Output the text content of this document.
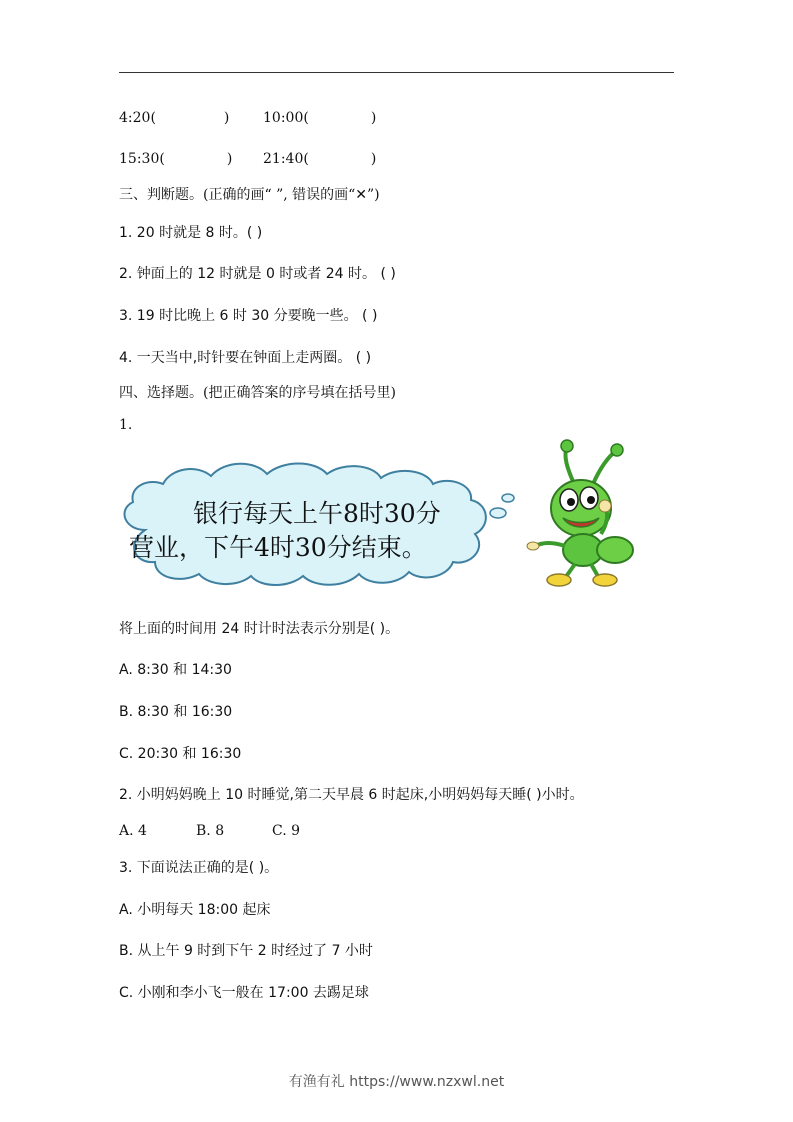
4:20(	) 10:00(	)
15:30(	) 21:40(	)
三、判断题。(正确的画“ ”, 错误的画“✕”)
1. 20 时就是 8 时。( )
2. 钟面上的 12 时就是 0 时或者 24 时。 ( )
3. 19 时比晚上 6 时 30 分要晚一些。 ( )
4. 一天当中,时针要在钟面上走两圈。 ( )
四、选择题。(把正确答案的序号填在括号里)
1.
银行每天上午8时30分
营业，下午4时30分结束。
将上面的时间用 24 时计时法表示分别是( )。
A. 8:30 和 14:30
B. 8:30 和 16:30
C. 20:30 和 16:30
2. 小明妈妈晚上 10 时睡觉,第二天早晨 6 时起床,小明妈妈每天睡( )小时。
A. 4	B. 8	C. 9
3. 下面说法正确的是( )。
A. 小明每天 18:00 起床
B. 从上午 9 时到下午 2 时经过了 7 小时
C. 小刚和李小飞一般在 17:00 去踢足球
有渔有礼 https://www.nzxwl.net
